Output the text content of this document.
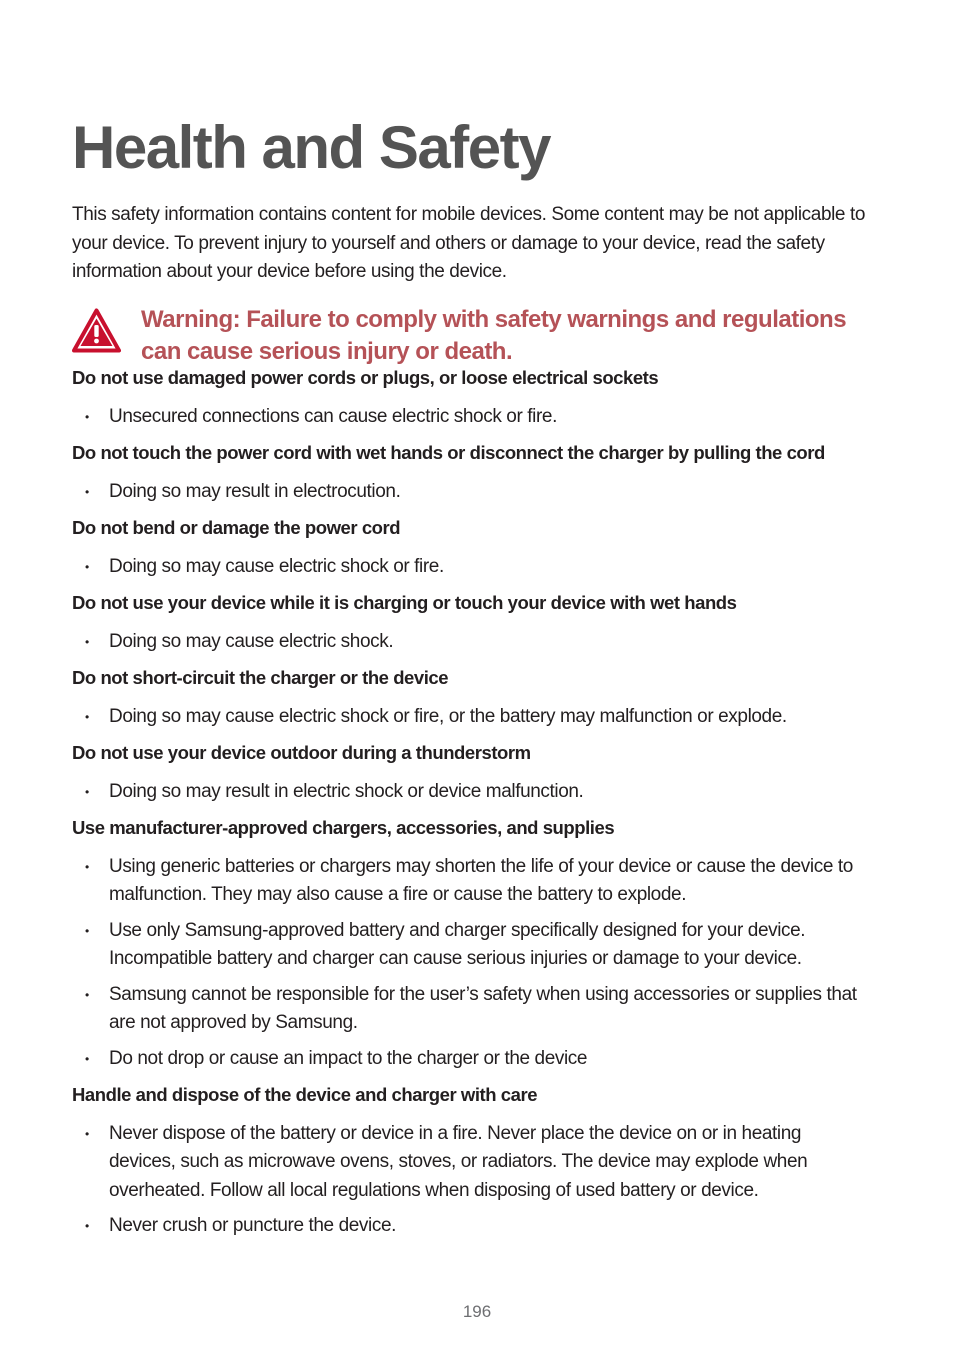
Health and Safety

This safety information contains content for mobile devices. Some content may be not applicable to your device. To prevent injury to yourself and others or damage to your device, read the safety information about your device before using the device.

Warning: Failure to comply with safety warnings and regulations can cause serious injury or death.

Do not use damaged power cords or plugs, or loose electrical sockets
• Unsecured connections can cause electric shock or fire.
Do not touch the power cord with wet hands or disconnect the charger by pulling the cord
• Doing so may result in electrocution.
Do not bend or damage the power cord
• Doing so may cause electric shock or fire.
Do not use your device while it is charging or touch your device with wet hands
• Doing so may cause electric shock.
Do not short-circuit the charger or the device
• Doing so may cause electric shock or fire, or the battery may malfunction or explode.
Do not use your device outdoor during a thunderstorm
• Doing so may result in electric shock or device malfunction.
Use manufacturer-approved chargers, accessories, and supplies
• Using generic batteries or chargers may shorten the life of your device or cause the device to malfunction. They may also cause a fire or cause the battery to explode.
• Use only Samsung-approved battery and charger specifically designed for your device. Incompatible battery and charger can cause serious injuries or damage to your device.
• Samsung cannot be responsible for the user’s safety when using accessories or supplies that are not approved by Samsung.
• Do not drop or cause an impact to the charger or the device
Handle and dispose of the device and charger with care
• Never dispose of the battery or device in a fire. Never place the device on or in heating devices, such as microwave ovens, stoves, or radiators. The device may explode when overheated. Follow all local regulations when disposing of used battery or device.
• Never crush or puncture the device.

196
